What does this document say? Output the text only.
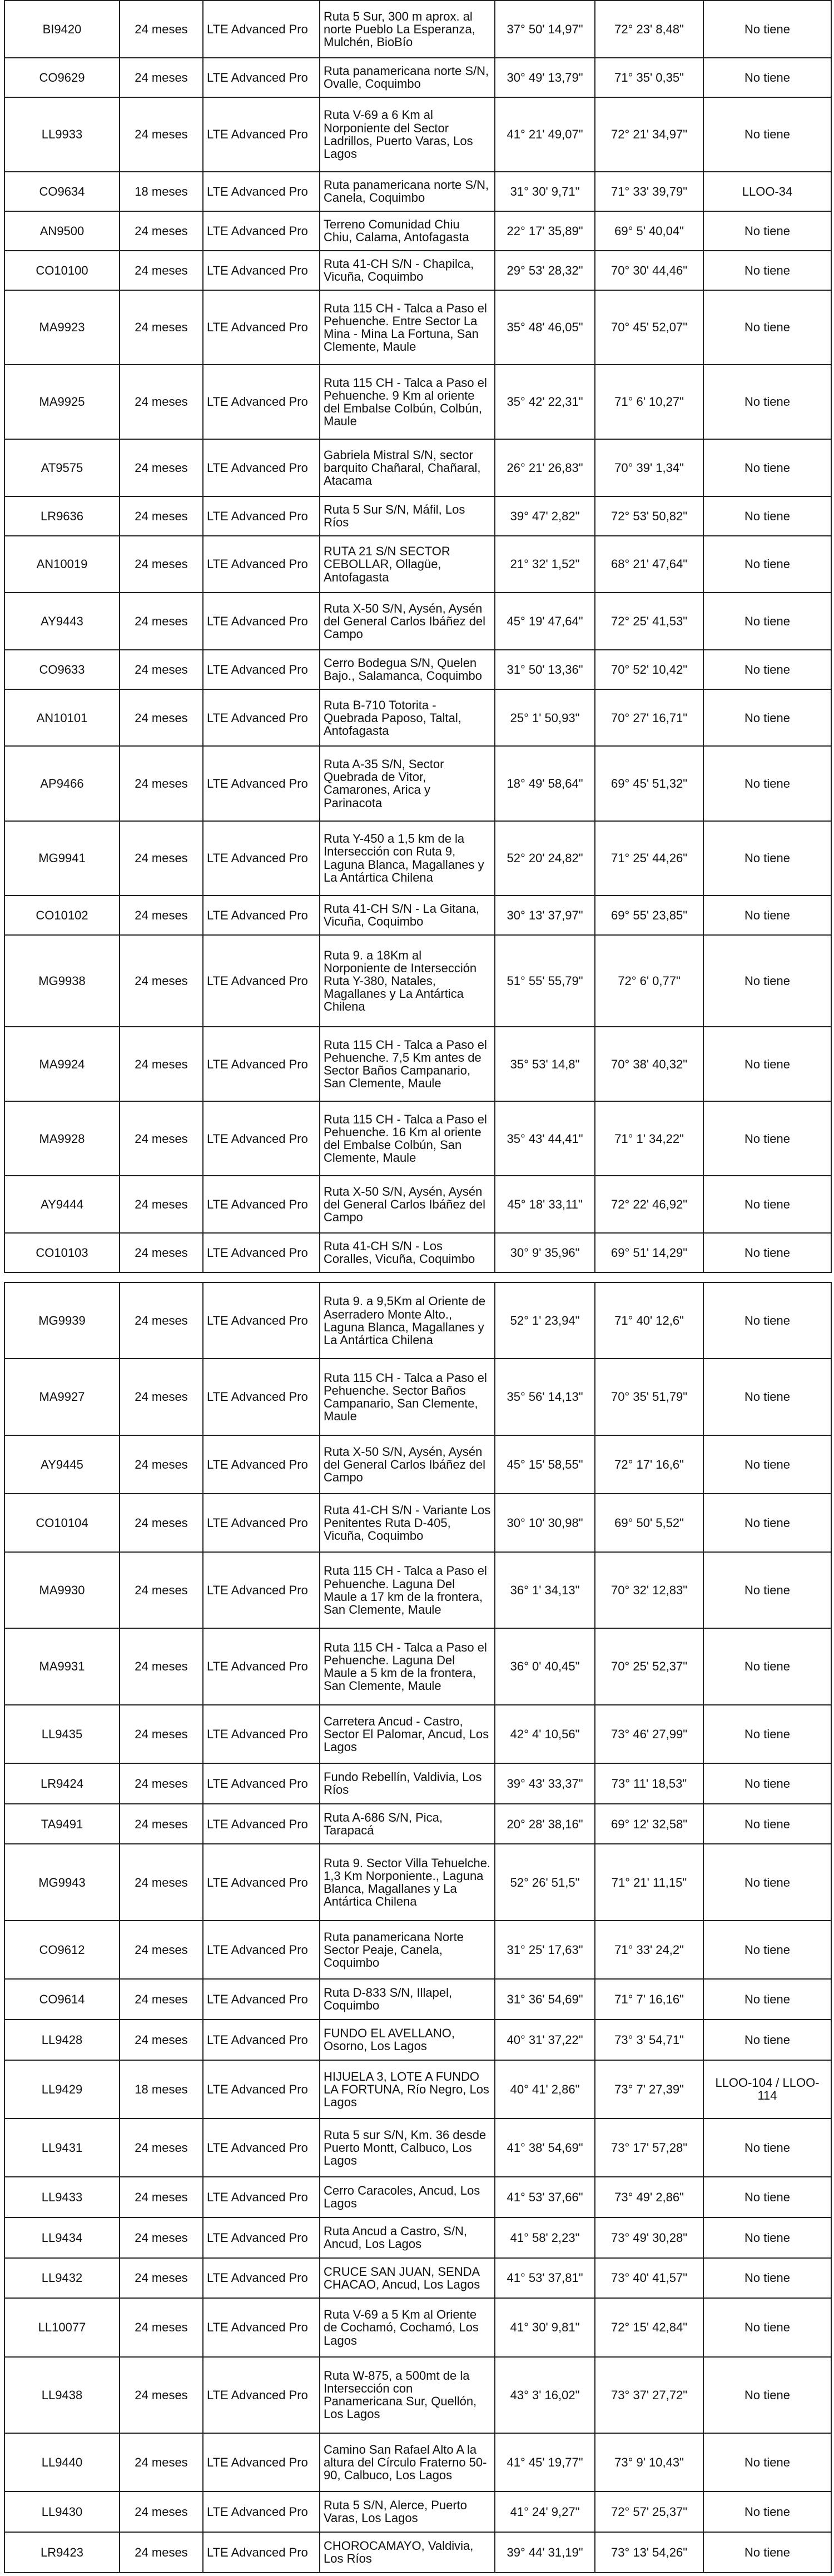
BI9420	24 meses	LTE Advanced Pro	Ruta 5 Sur, 300 m aprox. al norte Pueblo La Esperanza, Mulchén, BioBío	37° 50' 14,97"	72° 23' 8,48"	No tiene
CO9629	24 meses	LTE Advanced Pro	Ruta panamericana norte S/N, Ovalle, Coquimbo	30° 49' 13,79"	71° 35' 0,35"	No tiene
LL9933	24 meses	LTE Advanced Pro	Ruta V-69 a 6 Km al Norponiente del Sector Ladrillos, Puerto Varas, Los Lagos	41° 21' 49,07"	72° 21' 34,97"	No tiene
CO9634	18 meses	LTE Advanced Pro	Ruta panamericana norte S/N, Canela, Coquimbo	31° 30' 9,71"	71° 33' 39,79"	LLOO-34
AN9500	24 meses	LTE Advanced Pro	Terreno Comunidad Chiu Chiu, Calama, Antofagasta	22° 17' 35,89"	69° 5' 40,04"	No tiene
CO10100	24 meses	LTE Advanced Pro	Ruta 41-CH S/N - Chapilca, Vicuña, Coquimbo	29° 53' 28,32"	70° 30' 44,46"	No tiene
MA9923	24 meses	LTE Advanced Pro	Ruta 115 CH - Talca a Paso el Pehuenche. Entre Sector La Mina - Mina La Fortuna, San Clemente, Maule	35° 48' 46,05"	70° 45' 52,07"	No tiene
MA9925	24 meses	LTE Advanced Pro	Ruta 115 CH - Talca a Paso el Pehuenche. 9 Km al oriente del Embalse Colbún, Colbún, Maule	35° 42' 22,31"	71° 6' 10,27"	No tiene
AT9575	24 meses	LTE Advanced Pro	Gabriela Mistral S/N, sector barquito Chañaral, Chañaral, Atacama	26° 21' 26,83"	70° 39' 1,34"	No tiene
LR9636	24 meses	LTE Advanced Pro	Ruta 5 Sur S/N, Máfil, Los Ríos	39° 47' 2,82"	72° 53' 50,82"	No tiene
AN10019	24 meses	LTE Advanced Pro	RUTA 21 S/N SECTOR CEBOLLAR, Ollagüe, Antofagasta	21° 32' 1,52"	68° 21' 47,64"	No tiene
AY9443	24 meses	LTE Advanced Pro	Ruta X-50 S/N, Aysén, Aysén del General Carlos Ibáñez del Campo	45° 19' 47,64"	72° 25' 41,53"	No tiene
CO9633	24 meses	LTE Advanced Pro	Cerro Bodegua S/N, Quelen Bajo., Salamanca, Coquimbo	31° 50' 13,36"	70° 52' 10,42"	No tiene
AN10101	24 meses	LTE Advanced Pro	Ruta B-710 Totorita - Quebrada Paposo, Taltal, Antofagasta	25° 1' 50,93"	70° 27' 16,71"	No tiene
AP9466	24 meses	LTE Advanced Pro	Ruta A-35 S/N, Sector Quebrada de Vitor, Camarones, Arica y Parinacota	18° 49' 58,64"	69° 45' 51,32"	No tiene
MG9941	24 meses	LTE Advanced Pro	Ruta Y-450 a 1,5 km de la Intersección con Ruta 9, Laguna Blanca, Magallanes y La Antártica Chilena	52° 20' 24,82"	71° 25' 44,26"	No tiene
CO10102	24 meses	LTE Advanced Pro	Ruta 41-CH S/N - La Gitana, Vicuña, Coquimbo	30° 13' 37,97"	69° 55' 23,85"	No tiene
MG9938	24 meses	LTE Advanced Pro	Ruta 9. a 18Km al Norponiente de Intersección Ruta Y-380, Natales, Magallanes y La Antártica Chilena	51° 55' 55,79"	72° 6' 0,77"	No tiene
MA9924	24 meses	LTE Advanced Pro	Ruta 115 CH - Talca a Paso el Pehuenche. 7,5 Km antes de Sector Baños Campanario, San Clemente, Maule	35° 53' 14,8"	70° 38' 40,32"	No tiene
MA9928	24 meses	LTE Advanced Pro	Ruta 115 CH - Talca a Paso el Pehuenche. 16 Km al oriente del Embalse Colbún, San Clemente, Maule	35° 43' 44,41"	71° 1' 34,22"	No tiene
AY9444	24 meses	LTE Advanced Pro	Ruta X-50 S/N, Aysén, Aysén del General Carlos Ibáñez del Campo	45° 18' 33,11"	72° 22' 46,92"	No tiene
CO10103	24 meses	LTE Advanced Pro	Ruta 41-CH S/N - Los Coralles, Vicuña, Coquimbo	30° 9' 35,96"	69° 51' 14,29"	No tiene
MG9939	24 meses	LTE Advanced Pro	Ruta 9. a 9,5Km al Oriente de Aserradero Monte Alto., Laguna Blanca, Magallanes y La Antártica Chilena	52° 1' 23,94"	71° 40' 12,6"	No tiene
MA9927	24 meses	LTE Advanced Pro	Ruta 115 CH - Talca a Paso el Pehuenche. Sector Baños Campanario, San Clemente, Maule	35° 56' 14,13"	70° 35' 51,79"	No tiene
AY9445	24 meses	LTE Advanced Pro	Ruta X-50 S/N, Aysén, Aysén del General Carlos Ibáñez del Campo	45° 15' 58,55"	72° 17' 16,6"	No tiene
CO10104	24 meses	LTE Advanced Pro	Ruta 41-CH S/N - Variante Los Penitentes Ruta D-405, Vicuña, Coquimbo	30° 10' 30,98"	69° 50' 5,52"	No tiene
MA9930	24 meses	LTE Advanced Pro	Ruta 115 CH - Talca a Paso el Pehuenche. Laguna Del Maule a 17 km de la frontera, San Clemente, Maule	36° 1' 34,13"	70° 32' 12,83"	No tiene
MA9931	24 meses	LTE Advanced Pro	Ruta 115 CH - Talca a Paso el Pehuenche. Laguna Del Maule a 5 km de la frontera, San Clemente, Maule	36° 0' 40,45"	70° 25' 52,37"	No tiene
LL9435	24 meses	LTE Advanced Pro	Carretera Ancud - Castro, Sector El Palomar, Ancud, Los Lagos	42° 4' 10,56"	73° 46' 27,99"	No tiene
LR9424	24 meses	LTE Advanced Pro	Fundo Rebellín, Valdivia, Los Ríos	39° 43' 33,37"	73° 11' 18,53"	No tiene
TA9491	24 meses	LTE Advanced Pro	Ruta A-686 S/N, Pica, Tarapacá	20° 28' 38,16"	69° 12' 32,58"	No tiene
MG9943	24 meses	LTE Advanced Pro	Ruta 9. Sector Villa Tehuelche. 1,3 Km Norponiente., Laguna Blanca, Magallanes y La Antártica Chilena	52° 26' 51,5"	71° 21' 11,15"	No tiene
CO9612	24 meses	LTE Advanced Pro	Ruta panamericana Norte Sector Peaje, Canela, Coquimbo	31° 25' 17,63"	71° 33' 24,2"	No tiene
CO9614	24 meses	LTE Advanced Pro	Ruta D-833 S/N, Illapel, Coquimbo	31° 36' 54,69"	71° 7' 16,16"	No tiene
LL9428	24 meses	LTE Advanced Pro	FUNDO EL AVELLANO, Osorno, Los Lagos	40° 31' 37,22"	73° 3' 54,71"	No tiene
LL9429	18 meses	LTE Advanced Pro	HIJUELA 3, LOTE A FUNDO LA FORTUNA, Río Negro, Los Lagos	40° 41' 2,86"	73° 7' 27,39"	LLOO-104 / LLOO-114
LL9431	24 meses	LTE Advanced Pro	Ruta 5 sur S/N, Km. 36 desde Puerto Montt, Calbuco, Los Lagos	41° 38' 54,69"	73° 17' 57,28"	No tiene
LL9433	24 meses	LTE Advanced Pro	Cerro Caracoles, Ancud, Los Lagos	41° 53' 37,66"	73° 49' 2,86"	No tiene
LL9434	24 meses	LTE Advanced Pro	Ruta Ancud a Castro, S/N, Ancud, Los Lagos	41° 58' 2,23"	73° 49' 30,28"	No tiene
LL9432	24 meses	LTE Advanced Pro	CRUCE SAN JUAN, SENDA CHACAO, Ancud, Los Lagos	41° 53' 37,81"	73° 40' 41,57"	No tiene
LL10077	24 meses	LTE Advanced Pro	Ruta V-69 a 5 Km al Oriente de Cochamó, Cochamó, Los Lagos	41° 30' 9,81"	72° 15' 42,84"	No tiene
LL9438	24 meses	LTE Advanced Pro	Ruta W-875, a 500mt de la Intersección con Panamericana Sur, Quellón, Los Lagos	43° 3' 16,02"	73° 37' 27,72"	No tiene
LL9440	24 meses	LTE Advanced Pro	Camino San Rafael Alto A la altura del Círculo Fraterno 50-90, Calbuco, Los Lagos	41° 45' 19,77"	73° 9' 10,43"	No tiene
LL9430	24 meses	LTE Advanced Pro	Ruta 5 S/N, Alerce, Puerto Varas, Los Lagos	41° 24' 9,27"	72° 57' 25,37"	No tiene
LR9423	24 meses	LTE Advanced Pro	CHOROCAMAYO, Valdivia, Los Ríos	39° 44' 31,19"	73° 13' 54,26"	No tiene
